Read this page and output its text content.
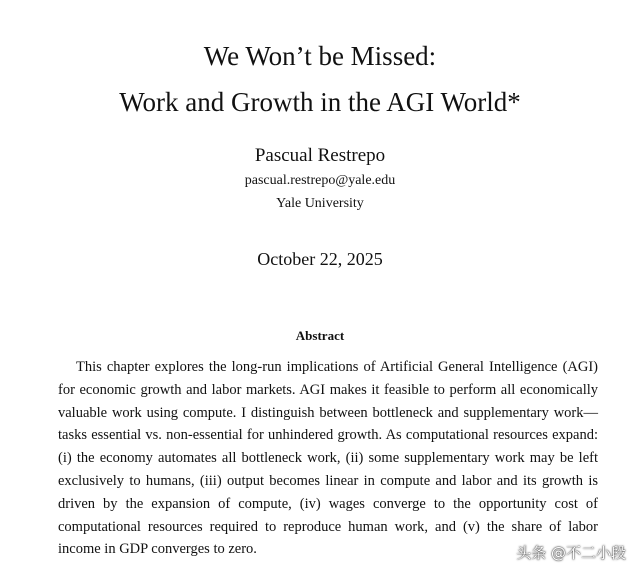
We Won’t be Missed:
Work and Growth in the AGI World*
Pascual Restrepo
pascual.restrepo@yale.edu
Yale University
October 22, 2025
Abstract

This chapter explores the long-run implications of Artificial General Intelligence (AGI) for economic growth and labor markets. AGI makes it feasible to perform all economically valuable work using compute. I distinguish between bottleneck and supplementary work—tasks essential vs. non-essential for unhindered growth. As computational resources expand: (i) the economy automates all bottleneck work, (ii) some supplementary work may be left exclusively to humans, (iii) output becomes linear in compute and labor and its growth is driven by the expansion of compute, (iv) wages converge to the opportunity cost of computational resources required to reproduce human work, and (v) the share of labor income in GDP converges to zero.	头条 @不二小段
